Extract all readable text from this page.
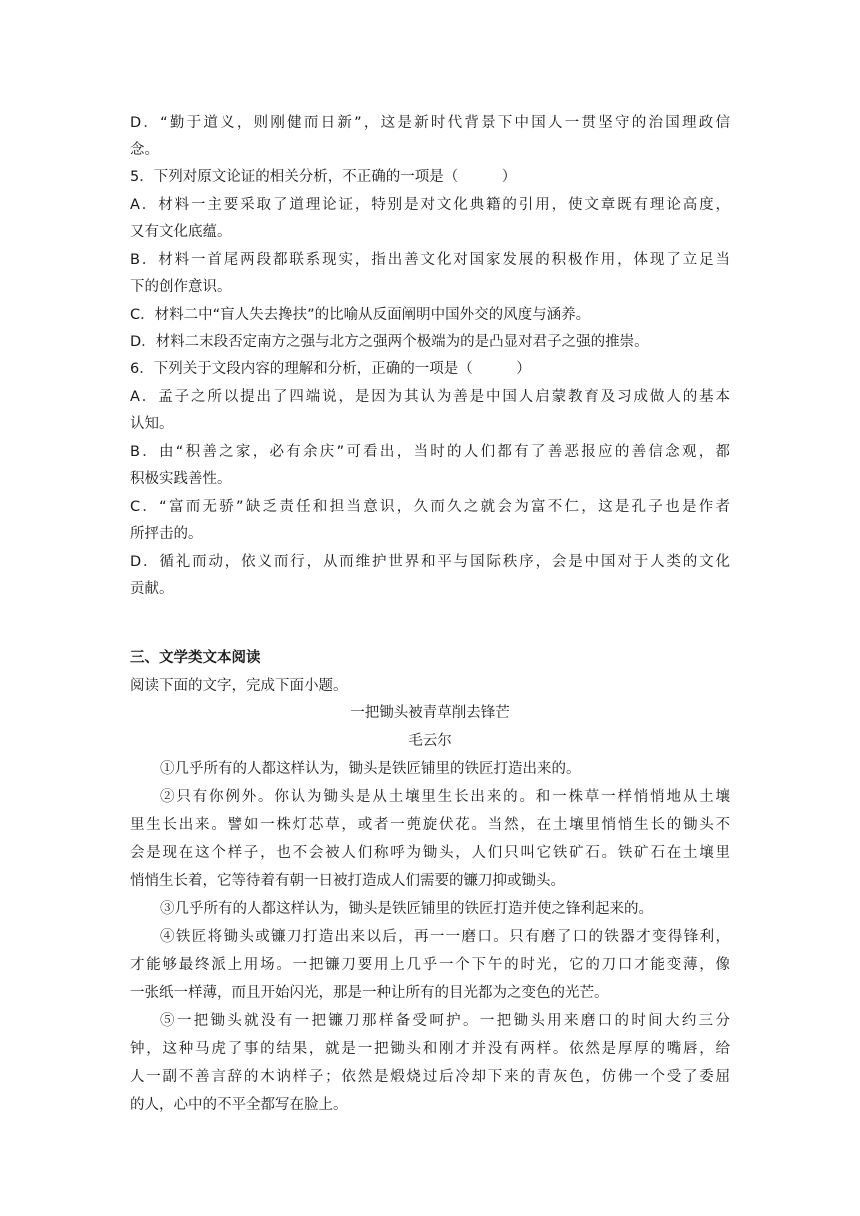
D．“勤于道义，则刚健而日新”，这是新时代背景下中国人一贯坚守的治国理政信
念。
5．下列对原文论证的相关分析，不正确的一项是（　　　）
A．材料一主要采取了道理论证，特别是对文化典籍的引用，使文章既有理论高度，
又有文化底蕴。
B．材料一首尾两段都联系现实，指出善文化对国家发展的积极作用，体现了立足当
下的创作意识。
C．材料二中“盲人失去搀扶”的比喻从反面阐明中国外交的风度与涵养。
D．材料二末段否定南方之强与北方之强两个极端为的是凸显对君子之强的推崇。
6．下列关于文段内容的理解和分析，正确的一项是（　　　）
A．孟子之所以提出了四端说，是因为其认为善是中国人启蒙教育及习成做人的基本
认知。
B．由“积善之家，必有余庆”可看出，当时的人们都有了善恶报应的善信念观，都
积极实践善性。
C．“富而无骄”缺乏责任和担当意识，久而久之就会为富不仁，这是孔子也是作者
所抨击的。
D．循礼而动，依义而行，从而维护世界和平与国际秩序，会是中国对于人类的文化
贡献。
三、文学类文本阅读
阅读下面的文字，完成下面小题。
一把锄头被青草削去锋芒
毛云尔
①几乎所有的人都这样认为，锄头是铁匠铺里的铁匠打造出来的。
②只有你例外。你认为锄头是从土壤里生长出来的。和一株草一样悄悄地从土壤
里生长出来。譬如一株灯芯草，或者一蔸旋伏花。当然，在土壤里悄悄生长的锄头不
会是现在这个样子，也不会被人们称呼为锄头，人们只叫它铁矿石。铁矿石在土壤里
悄悄生长着，它等待着有朝一日被打造成人们需要的镰刀抑或锄头。
③几乎所有的人都这样认为，锄头是铁匠铺里的铁匠打造并使之锋利起来的。
④铁匠将锄头或镰刀打造出来以后，再一一磨口。只有磨了口的铁器才变得锋利，
才能够最终派上用场。一把镰刀要用上几乎一个下午的时光，它的刀口才能变薄，像
一张纸一样薄，而且开始闪光，那是一种让所有的目光都为之变色的光芒。
⑤一把锄头就没有一把镰刀那样备受呵护。一把锄头用来磨口的时间大约三分
钟，这种马虎了事的结果，就是一把锄头和刚才并没有两样。依然是厚厚的嘴唇，给
人一副不善言辞的木讷样子；依然是煅烧过后冷却下来的青灰色，仿佛一个受了委屈
的人，心中的不平全都写在脸上。
